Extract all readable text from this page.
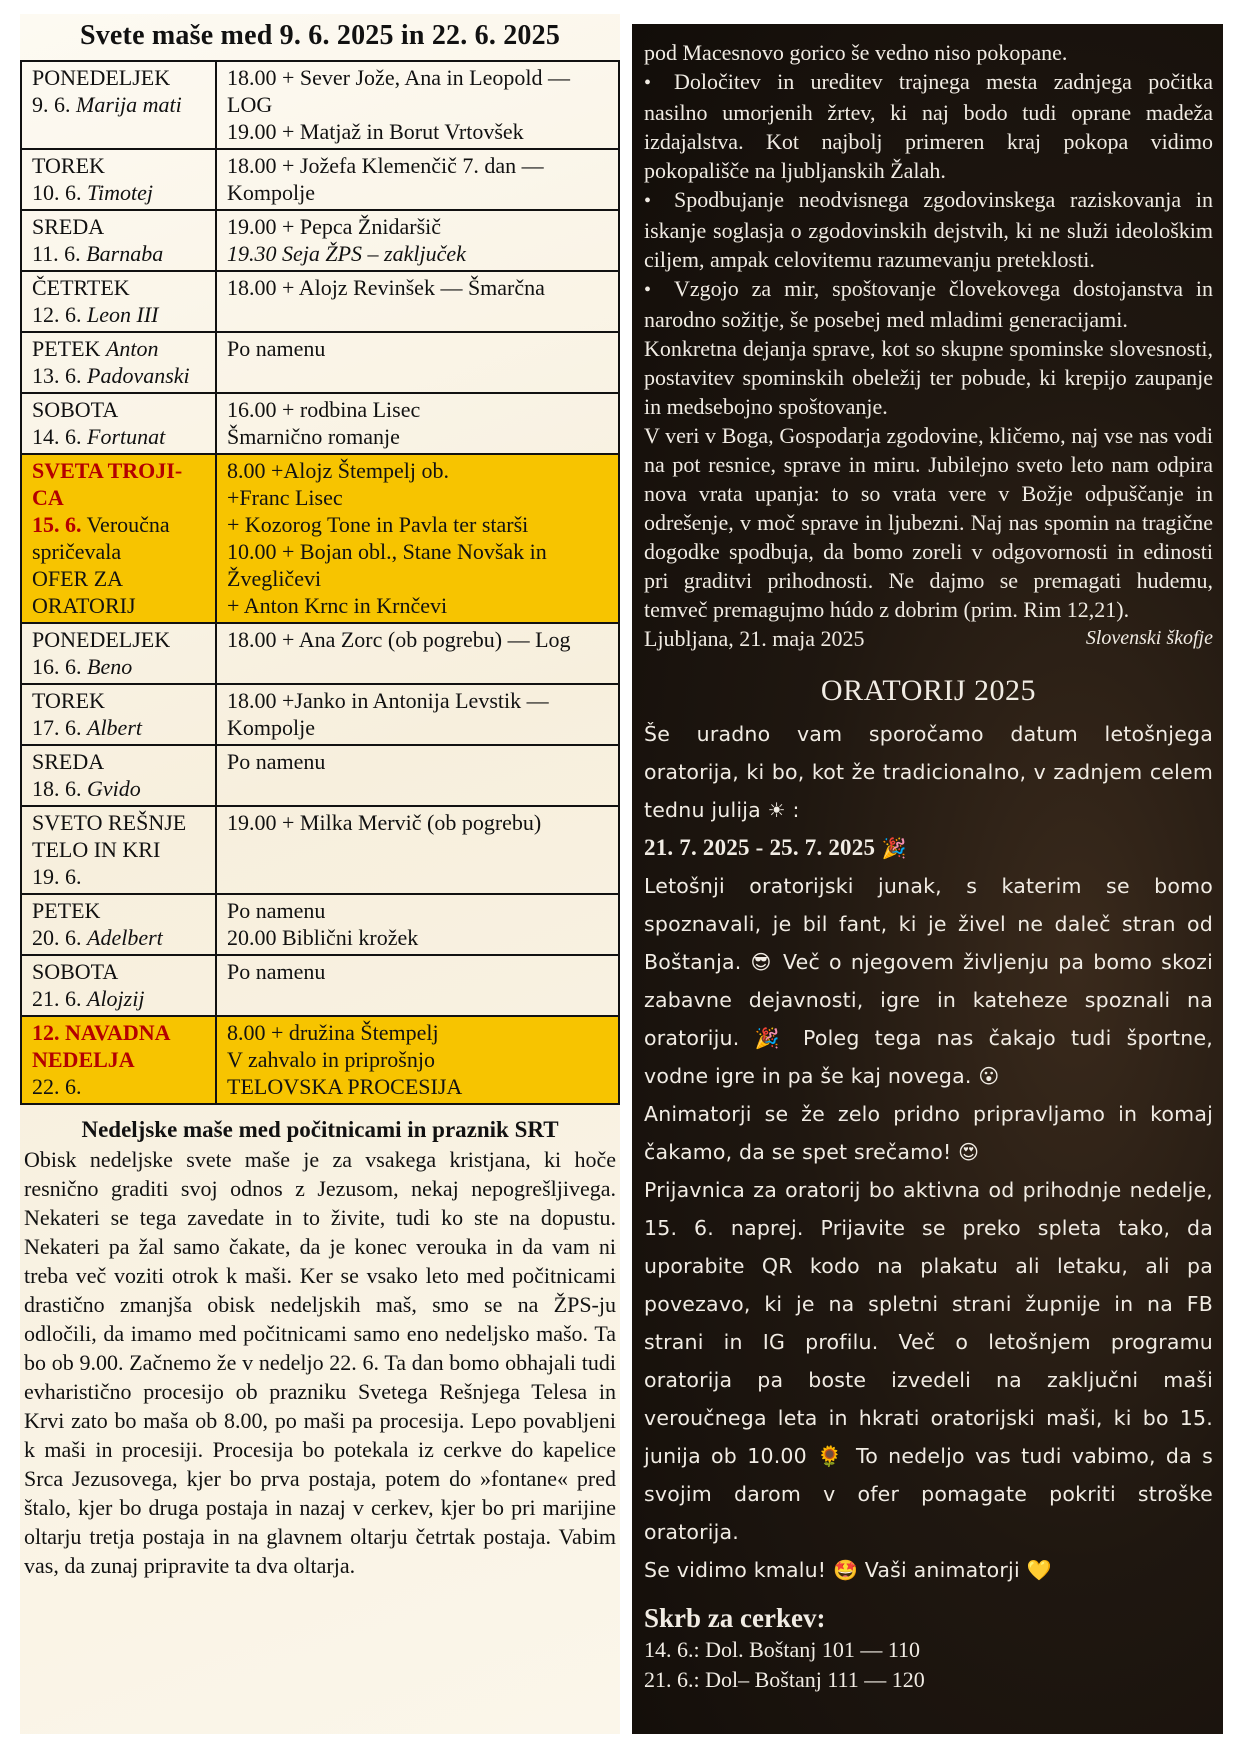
Svete maše med 9. 6. 2025 in 22. 6. 2025
PONEDELJEK
9. 6. Marija mati	18.00 + Sever Jože, Ana in Leopold — LOG
19.00 + Matjaž in Borut Vrtovšek

TOREK
10. 6. Timotej	18.00 + Jožefa Klemenčič 7. dan — Kompolje

SREDA
11. 6. Barnaba	19.00 + Pepca Žnidaršič
19.30 Seja ŽPS – zaključek

ČETRTEK
12. 6. Leon III	18.00 + Alojz Revinšek — Šmarčna

PETEK Anton
13. 6. Padovanski	Po namenu

SOBOTA
14. 6. Fortunat	16.00 + rodbina Lisec
Šmarnično romanje

SVETA TROJI-CA
15. 6. Veroučna spričevala
OFER ZA ORATORIJ	8.00 +Alojz Štempelj ob.
+Franc Lisec
+ Kozorog Tone in Pavla ter starši
10.00 + Bojan obl., Stane Novšak in Žvegličevi
+ Anton Krnc in Krnčevi

PONEDELJEK
16. 6. Beno	18.00 + Ana Zorc (ob pogrebu) — Log

TOREK
17. 6. Albert	18.00 +Janko in Antonija Levstik — Kompolje

SREDA
18. 6. Gvido	Po namenu

SVETO REŠNJE TELO IN KRI
19. 6.	19.00 + Milka Mervič (ob pogrebu)

PETEK
20. 6. Adelbert	Po namenu
20.00 Biblični krožek

SOBOTA
21. 6. Alojzij	Po namenu

12. NAVADNA NEDELJA
22. 6.	8.00 + družina Štempelj
V zahvalo in priprošnjo
TELOVSKA PROCESIJA
Nedeljske maše med počitnicami in praznik SRT

Obisk nedeljske svete maše je za vsakega kristjana, ki hoče resnično graditi svoj odnos z Jezusom, nekaj nepogrešljivega. Nekateri se tega zavedate in to živite, tudi ko ste na dopustu. Nekateri pa žal samo čakate, da je konec verouka in da vam ni treba več voziti otrok k maši. Ker se vsako leto med počitnicami drastično zmanjša obisk nedeljskih maš, smo se na ŽPS-ju odločili, da imamo med počitnicami samo eno nedeljsko mašo. Ta bo ob 9.00. Začnemo že v nedeljo 22. 6. Ta dan bomo obhajali tudi evharistično procesijo ob prazniku Svetega Rešnjega Telesa in Krvi zato bo maša ob 8.00, po maši pa procesija. Lepo povabljeni k maši in procesiji. Procesija bo potekala iz cerkve do kapelice Srca Jezusovega, kjer bo prva postaja, potem do »fontane« pred štalo, kjer bo druga postaja in nazaj v cerkev, kjer bo pri marijine oltarju tretja postaja in na glavnem oltarju četrtak postaja. Vabim vas, da zunaj pripravite ta dva oltarja.

pod Macesnovo gorico še vedno niso pokopane.

• Določitev in ureditev trajnega mesta zadnjega počitka nasilno umorjenih žrtev, ki naj bodo tudi oprane madeža izdajalstva. Kot najbolj primeren kraj pokopa vidimo pokopališče na ljubljanskih Žalah.

• Spodbujanje neodvisnega zgodovinskega raziskovanja in iskanje soglasja o zgodovinskih dejstvih, ki ne služi ideološkim ciljem, ampak celovitemu razumevanju preteklosti.

• Vzgojo za mir, spoštovanje človekovega dostojanstva in narodno sožitje, še posebej med mladimi generacijami.

Konkretna dejanja sprave, kot so skupne spominske slovesnosti, postavitev spominskih obeležij ter pobude, ki krepijo zaupanje in medsebojno spoštovanje.

V veri v Boga, Gospodarja zgodovine, kličemo, naj vse nas vodi na pot resnice, sprave in miru. Jubilejno sveto leto nam odpira nova vrata upanja: to so vrata vere v Božje odpuščanje in odrešenje, v moč sprave in ljubezni. Naj nas spomin na tragične dogodke spodbuja, da bomo zoreli v odgovornosti in edinosti pri graditvi prihodnosti. Ne dajmo se premagati hudemu, temveč premagujmo húdo z dobrim (prim. Rim 12,21).

Ljubljana, 21. maja 2025	Slovenski škofje
ORATORIJ 2025

Še uradno vam sporočamo datum letošnjega oratorija, ki bo, kot že tradicionalno, v zadnjem celem tednu julija ☀ :

21. 7. 2025 - 25. 7. 2025 🎉

Letošnji oratorijski junak, s katerim se bomo spoznavali, je bil fant, ki je živel ne daleč stran od Boštanja. 😎 Več o njegovem življenju pa bomo skozi zabavne dejavnosti, igre in kateheze spoznali na oratoriju. 🎉 Poleg tega nas čakajo tudi športne, vodne igre in pa še kaj novega. 😮

Animatorji se že zelo pridno pripravljamo in komaj čakamo, da se spet srečamo! 😍

Prijavnica za oratorij bo aktivna od prihodnje nedelje, 15. 6. naprej. Prijavite se preko spleta tako, da uporabite QR kodo na plakatu ali letaku, ali pa povezavo, ki je na spletni strani župnije in na FB strani in IG profilu. Več o letošnjem programu oratorija pa boste izvedeli na zaključni maši veroučnega leta in hkrati oratorijski maši, ki bo 15. junija ob 10.00 🌻 To nedeljo vas tudi vabimo, da s svojim darom v ofer pomagate pokriti stroške oratorija.

Se vidimo kmalu! 🤩 Vaši animatorji 💛

Skrb za cerkev:
14. 6.: Dol. Boštanj 101 — 110
21. 6.: Dol– Boštanj 111 — 120
